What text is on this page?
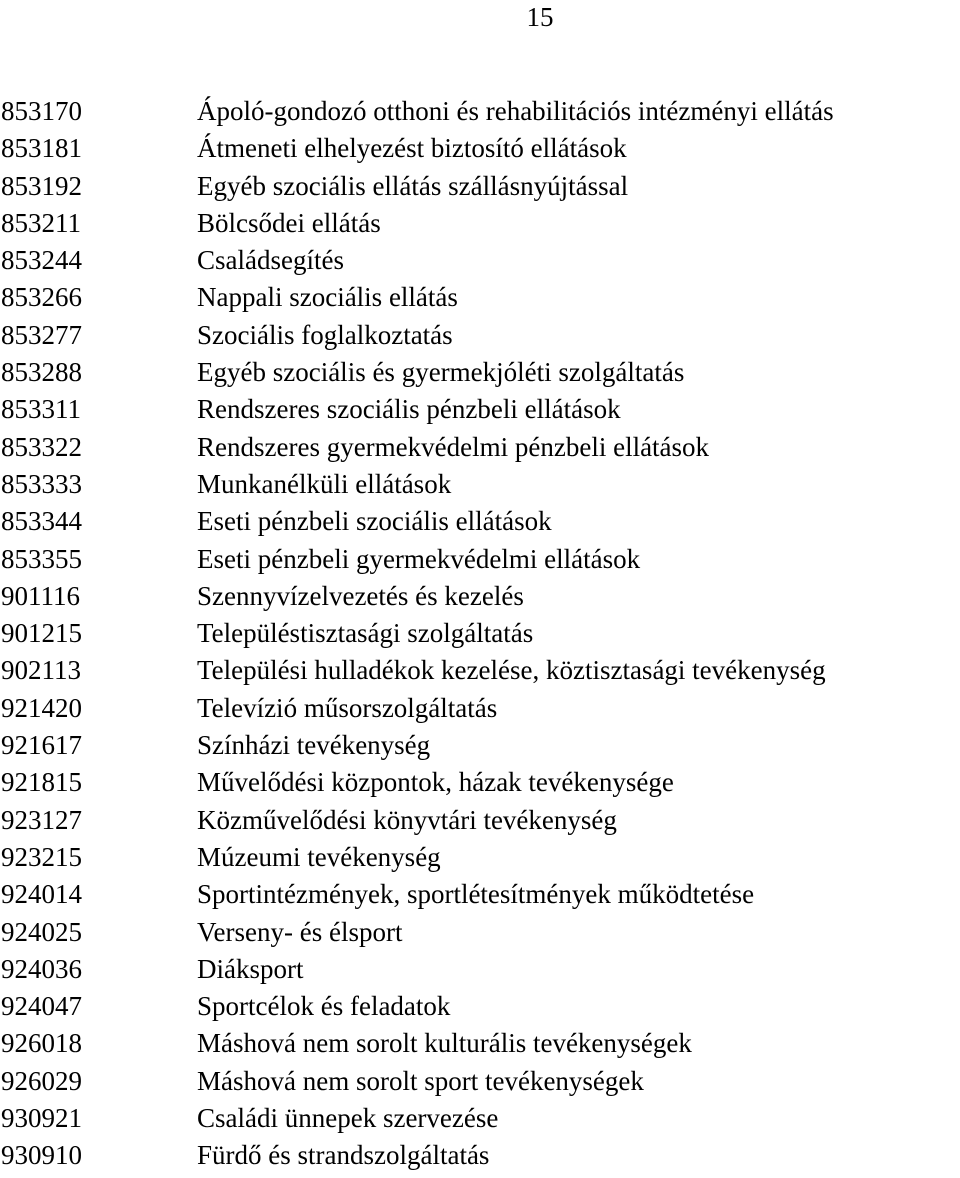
15
853170	Ápoló-gondozó otthoni és rehabilitációs intézményi ellátás
853181	Átmeneti elhelyezést biztosító ellátások
853192	Egyéb szociális ellátás szállásnyújtással
853211	Bölcsődei ellátás
853244	Családsegítés
853266	Nappali szociális ellátás
853277	Szociális foglalkoztatás
853288	Egyéb szociális és gyermekjóléti szolgáltatás
853311	Rendszeres szociális pénzbeli ellátások
853322	Rendszeres gyermekvédelmi pénzbeli ellátások
853333	Munkanélküli ellátások
853344	Eseti pénzbeli szociális ellátások
853355	Eseti pénzbeli gyermekvédelmi ellátások
901116	Szennyvízelvezetés és kezelés
901215	Településtisztasági szolgáltatás
902113	Települési hulladékok kezelése, köztisztasági tevékenység
921420	Televízió műsorszolgáltatás
921617	Színházi tevékenység
921815	Művelődési központok, házak tevékenysége
923127	Közművelődési könyvtári tevékenység
923215	Múzeumi tevékenység
924014	Sportintézmények, sportlétesítmények működtetése
924025	Verseny- és élsport
924036	Diáksport
924047	Sportcélok és feladatok
926018	Máshová nem sorolt kulturális tevékenységek
926029	Máshová nem sorolt sport tevékenységek
930921	Családi ünnepek szervezése
930910	Fürdő és strandszolgáltatás
